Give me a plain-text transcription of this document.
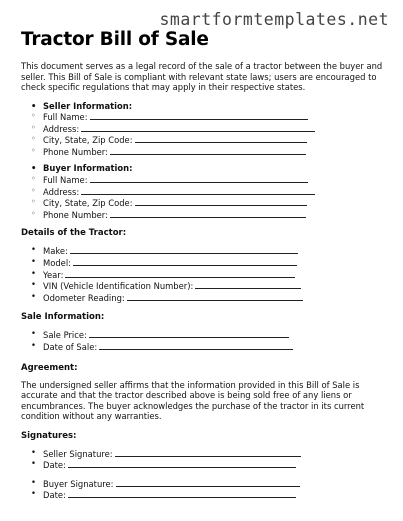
smartformtemplates.net
Tractor Bill of Sale

This document serves as a legal record of the sale of a tractor between the buyer and seller. This Bill of Sale is compliant with relevant state laws; users are encouraged to check specific regulations that may apply in their respective states.

• Seller Information:
◦ Full Name:
◦ Address:
◦ City, State, Zip Code:
◦ Phone Number:
• Buyer Information:
◦ Full Name:
◦ Address:
◦ City, State, Zip Code:
◦ Phone Number:
Details of the Tractor:
• Make:
• Model:
• Year:
• VIN (Vehicle Identification Number):
• Odometer Reading:
Sale Information:
• Sale Price:
• Date of Sale:
Agreement:

The undersigned seller affirms that the information provided in this Bill of Sale is accurate and that the tractor described above is being sold free of any liens or encumbrances. The buyer acknowledges the purchase of the tractor in its current condition without any warranties.

Signatures:
• Seller Signature:
• Date:
• Buyer Signature:
• Date:
